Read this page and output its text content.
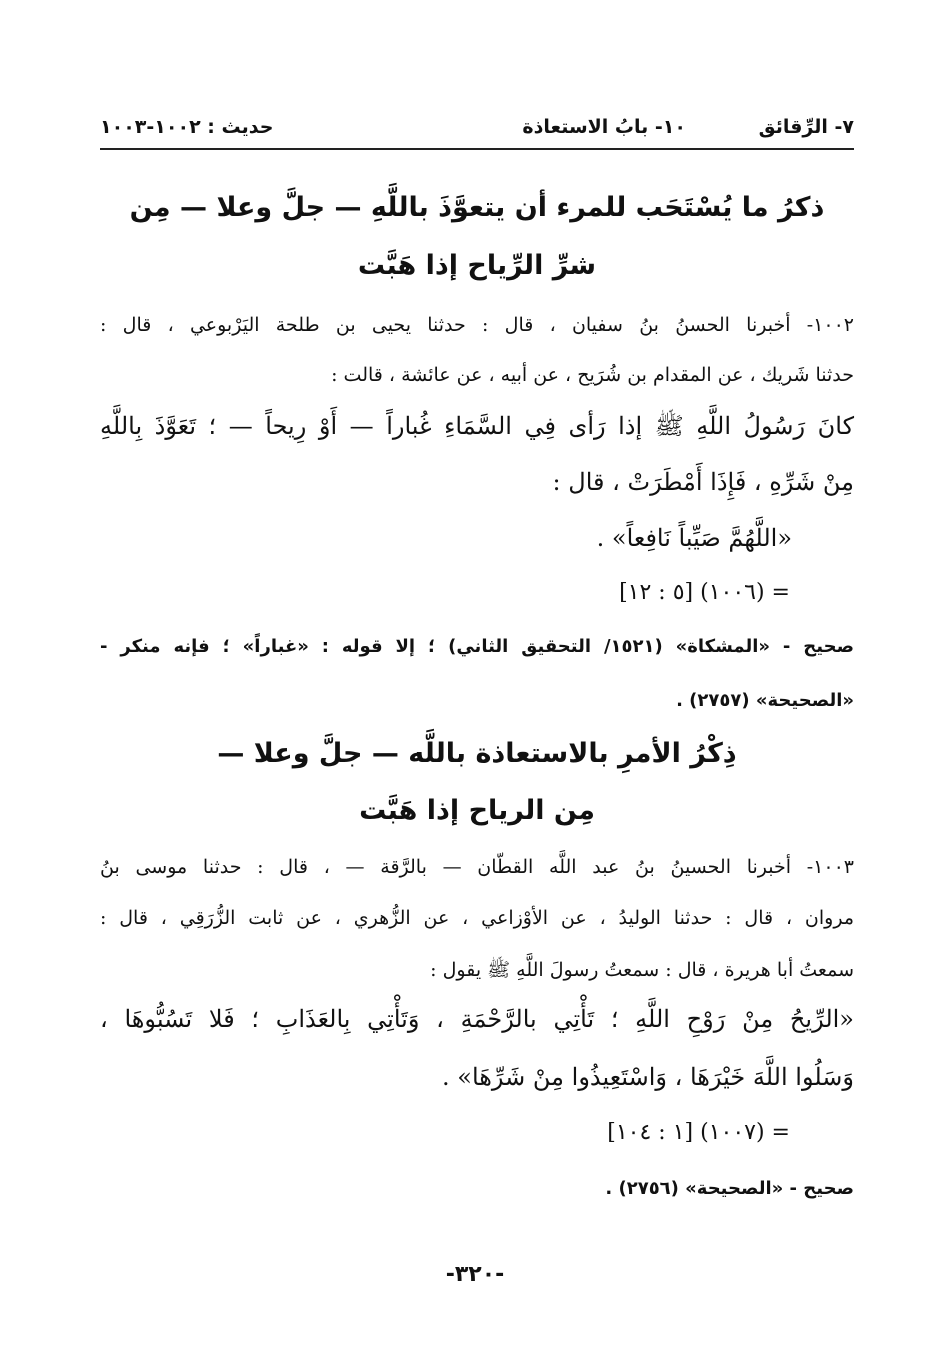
٧- الرِّقائق
١٠- بابُ الاستعاذة
حديث : ١٠٠٢-١٠٠٣
ذكرُ ما يُسْتَحَب للمرء أن يتعوَّذَ باللَّهِ — جلَّ وعلا — مِن
شرِّ الرِّياح إذا هَبَّت
١٠٠٢- أخبرنا الحسنُ بنُ سفيان ، قال : حدثنا يحيى بن طلحة اليَرْبوعي ، قال :
حدثنا شَريك ، عن المقدام بن شُرَيح ، عن أبيه ، عن عائشة ، قالت :
كانَ رَسُولُ اللَّهِ ﷺ إذا رَأى فِي السَّمَاءِ غُباراً — أَوْ رِيحاً — ؛ تَعَوَّذَ بِاللَّهِ
مِنْ شَرِّهِ ، فَإِذَا أَمْطَرَتْ ، قال :
«اللَّهُمَّ صَيِّباً نَافِعاً» .
= (١٠٠٦) [٥ : ١٢]
صحيح - «المشكاة» (١٥٢١/ التحقيق الثاني) ؛ إلا قوله : «غباراً» ؛ فإنه منكر -
«الصحيحة» (٢٧٥٧) .
ذِكْرُ الأمرِ بالاستعاذة باللَّه — جلَّ وعلا —
مِن الرياح إذا هَبَّت
١٠٠٣- أخبرنا الحسينُ بنُ عبد اللَّه القطّان — بالرَّقة — ، قال : حدثنا موسى بنُ
مروان ، قال : حدثنا الوليدُ ، عن الأوْزاعي ، عن الزُّهري ، عن ثابت الزُّرَقِي ، قال :
سمعتُ أبا هريرة ، قال : سمعتُ رسولَ اللَّهِ ﷺ يقول :
«الرِّيحُ مِنْ رَوْحِ اللَّهِ ؛ تَأْتِي بالرَّحْمَةِ ، وَتَأْتِي بِالعَذَابِ ؛ فَلا تَسُبُّوهَا ،
وَسَلُوا اللَّهَ خَيْرَهَا ، وَاسْتَعِيذُوا مِنْ شَرِّهَا» .
= (١٠٠٧) [١ : ١٠٤]
صحيح - «الصحيحة» (٢٧٥٦) .
-٣٢٠-
